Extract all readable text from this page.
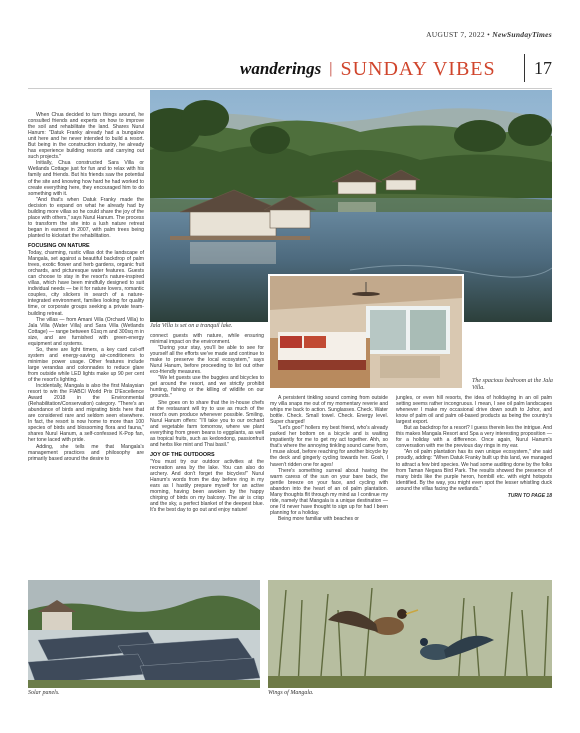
AUGUST 7, 2022 • NewSundayTimes
wanderings | SUNDAY VIBES	17

When Chua decided to turn things around, he consulted friends and experts on how to improve the soil and rehabilitate the land. Shares Nurul Hanum: "Datuk Franky already had a bungalow unit here and he never intended to build a resort. But being in the construction industry, he already has experience building resorts and carrying out such projects."

Initially, Chua constructed Sara Villa or Wetlands Cottage just for fun and to relax with his family and friends. But his friends saw the potential of the site and knowing how hard he had worked to create everything here, they encouraged him to do something with it.

"And that's when Datuk Franky made the decision to expand on what he already had by building more villas so he could share the joy of the place with others," says Nurul Hanum. The process to transform the site into a lush nature retreat began in earnest in 2007, with palm trees being planted to kickstart the rehabilitation.

FOCUSING ON NATURE

Today, charming, rustic villas dot the landscape of Mangala, set against a beautiful backdrop of palm trees, exotic flower and herb gardens, organic fruit orchards, and picturesque water features. Guests can choose to stay in the resort's nature-inspired villas, which have been mindfully designed to suit individual needs — be it for nature lovers, romantic couples, city slickers in search of a nature-integrated environment, families looking for quality time, or corporate groups seeking a private team-building retreat.

The villas — from Amani Villa (Orchard Villa) to Jala Villa (Water Villa) and Sara Villa (Wetlands Cottage) — range between 61sq m and 300sq m in size, and are furnished with green-energy equipment and systems.

So, there are light timers, a key card cut-off system and energy-saving air-conditioners to minimise power usage. Other features include large verandas and colonnades to reduce glare from outside while LED lights make up 90 per cent of the resort's lighting.

Incidentally, Mangala is also the first Malaysian resort to win the FIABCI World Prix D'Excellence Award 2018 in the Environmental (Rehabilitation/Conservation) category. "There's an abundance of birds and migrating birds here that are considered rare and seldom seen elsewhere. In fact, the resort is now home to more than 100 species of birds and blossoming flora and fauna," shares Nurul Hanum, a self-confessed K-Pop fan, her tone laced with pride.

Adding, she tells me that Mangala's management practices and philosophy are primarily based around the desire to

Jala Villa is set on a tranquil lake.
The spacious bedroom at the Jala Villa.

connect guests with nature, while ensuring minimal impact on the environment.

"During your stay, you'll be able to see for yourself all the efforts we've made and continue to make to preserve the local ecosystem," says Nurul Hanum, before proceeding to list out other eco-friendly measures.

"We let guests use the buggies and bicycles to get around the resort, and we strictly prohibit hunting, fishing or the killing of wildlife on our grounds."

She goes on to share that the in-house chefs at the restaurant will try to use as much of the resort's own produce whenever possible. Smiling, Nurul Hanum offers: "I'll take you to our orchard and vegetable farm tomorrow, where we plant everything from green beans to eggplants, as well as tropical fruits, such as kedondong, passionfruit and herbs like mint and Thai basil."

JOY OF THE OUTDOORS

"You must try our outdoor activities at the recreation area by the lake. You can also do archery. And don't forget the bicycles!" Nurul Hanum's words from the day before ring in my ears as I hastily prepare myself for an active morning, having been awoken by the happy chirping of birds on my balcony. The air is crisp and the sky, a perfect blanket of the deepest blue. It's the best day to go out and enjoy nature!

A persistent tinkling sound coming from outside my villa snaps me out of my momentary reverie and whips me back to action. Sunglasses. Check. Water bottle. Check. Small towel. Check. Energy level. Super charged!

"Let's goo!" hollers my best friend, who's already parked her bottom on a bicycle and is waiting impatiently for me to get my act together. Ahh, so that's where the annoying tinkling sound came from, I muse aloud, before reaching for another bicycle by the deck and gingerly cycling towards her. Gosh, I haven't ridden one for ages!

There's something surreal about having the warm caress of the sun on your bare back, the gentle breeze on your face, and cycling with abandon into the heart of an oil palm plantation. Many thoughts flit through my mind as I continue my ride, namely that Mangala is a unique destination — one I'd never have thought to sign up for had I been planning for a holiday.

Being more familiar with beaches or

jungles, or even hill resorts, the idea of holidaying in an oil palm setting seems rather incongruous. I mean, I see oil palm landscapes whenever I make my occasional drive down south to Johor, and know of palm oil and palm oil-based products as being the country's largest export.

But as backdrop for a resort? I guess therein lies the intrigue. And this makes Mangala Resort and Spa a very interesting proposition — for a holiday with a difference. Once again, Nurul Hanum's conversation with me the previous day rings in my ear.

"An oil palm plantation has its own unique ecosystem," she said proudly, adding: "When Datuk Franky built up this land, we managed to attract a few bird species. We had some auditing done by the folks from Taman Negara Bird Park. The results showed the presence of many birds like the purple heron, hornbill etc. with eight hotspots identified. By the way, you might even spot the lesser whistling duck around the villas facing the wetlands."

TURN TO PAGE 18

Solar panels.	Wings of Mangala.
